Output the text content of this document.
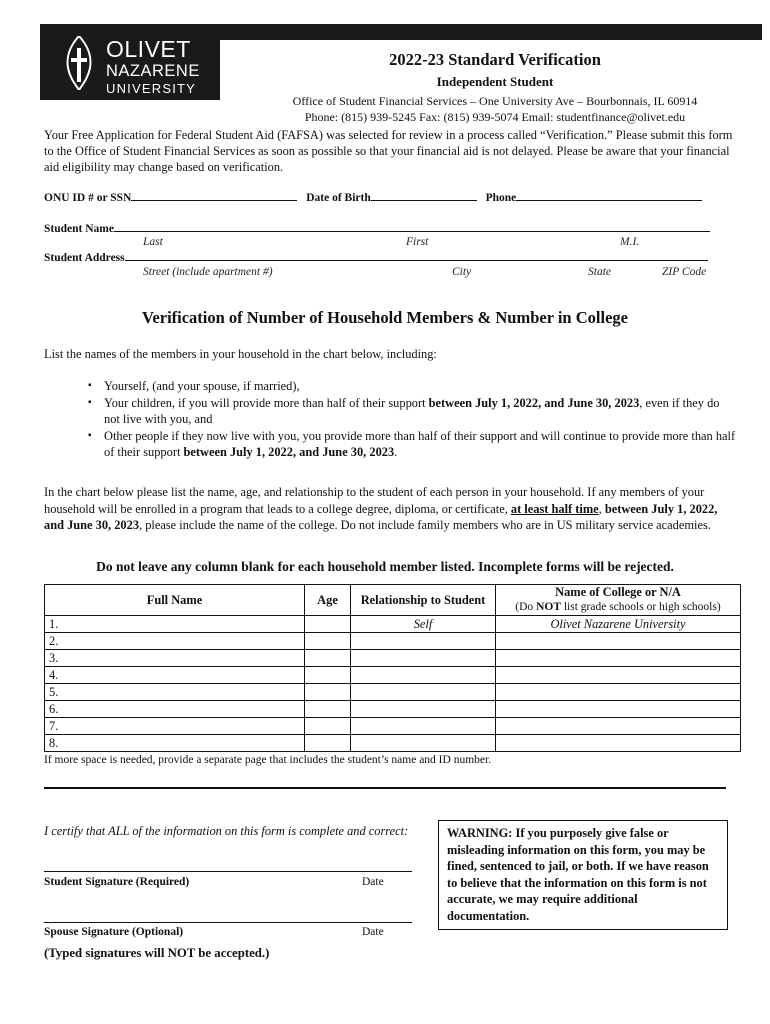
OLIVET
NAZARENE
UNIVERSITY
2022-23 Standard Verification
Independent Student
Office of Student Financial Services – One University Ave – Bourbonnais, IL 60914
Phone: (815) 939-5245 Fax: (815) 939-5074 Email: studentfinance@olivet.edu
Your Free Application for Federal Student Aid (FAFSA) was selected for review in a process called “Verification.” Please submit this form to the Office of Student Financial Services as soon as possible so that your financial aid is not delayed. Please be aware that your financial aid eligibility may change based on verification.
ONU ID # or SSN	Date of Birth	Phone
Student Name
Last	First	M.I.
Student Address
Street (include apartment #)	City	State	ZIP Code
Verification of Number of Household Members & Number in College
List the names of the members in your household in the chart below, including:
▪ Yourself, (and your spouse, if married),
▪ Your children, if you will provide more than half of their support between July 1, 2022, and June 30, 2023, even if they do not live with you, and
▪ Other people if they now live with you, you provide more than half of their support and will continue to provide more than half of their support between July 1, 2022, and June 30, 2023.
In the chart below please list the name, age, and relationship to the student of each person in your household. If any members of your household will be enrolled in a program that leads to a college degree, diploma, or certificate, at least half time, between July 1, 2022, and June 30, 2023, please include the name of the college. Do not include family members who are in US military service academies.
Do not leave any column blank for each household member listed. Incomplete forms will be rejected.
Full Name	Age	Relationship to Student	Name of College or N/A
(Do NOT list grade schools or high schools)

1.		Self	Olivet Nazarene University
2.			
3.			
4.			
5.			
6.			
7.			
8.			
If more space is needed, provide a separate page that includes the student’s name and ID number.
I certify that ALL of the information on this form is complete and correct:
Student Signature (Required)	Date
Spouse Signature (Optional)	Date
(Typed signatures will NOT be accepted.)
WARNING: If you purposely give false or misleading information on this form, you may be fined, sentenced to jail, or both. If we have reason to believe that the information on this form is not accurate, we may require additional documentation.
